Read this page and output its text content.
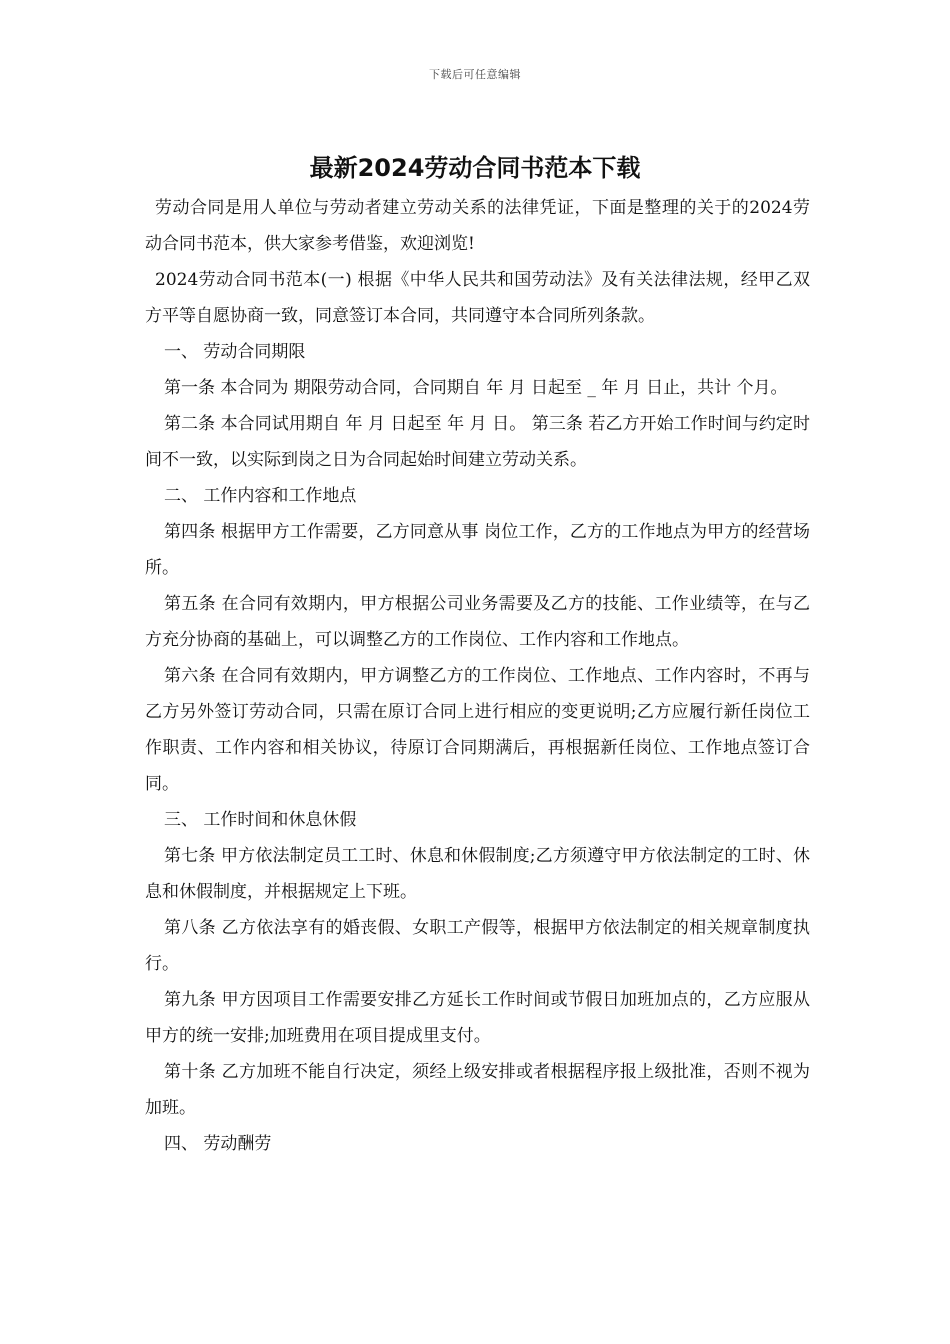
下载后可任意编辑
最新2024劳动合同书范本下载

劳动合同是用人单位与劳动者建立劳动关系的法律凭证，下面是整理的关于的2024劳动合同书范本，供大家参考借鉴，欢迎浏览!

2024劳动合同书范本(一) 根据《中华人民共和国劳动法》及有关法律法规，经甲乙双方平等自愿协商一致，同意签订本合同，共同遵守本合同所列条款。

一、 劳动合同期限

第一条 本合同为 期限劳动合同，合同期自 年 月 日起至 _ 年 月 日止，共计 个月。

第二条 本合同试用期自 年 月 日起至 年 月 日。 第三条 若乙方开始工作时间与约定时间不一致，以实际到岗之日为合同起始时间建立劳动关系。

二、 工作内容和工作地点

第四条 根据甲方工作需要，乙方同意从事 岗位工作，乙方的工作地点为甲方的经营场所。

第五条 在合同有效期内，甲方根据公司业务需要及乙方的技能、工作业绩等，在与乙方充分协商的基础上，可以调整乙方的工作岗位、工作内容和工作地点。

第六条 在合同有效期内，甲方调整乙方的工作岗位、工作地点、工作内容时，不再与乙方另外签订劳动合同，只需在原订合同上进行相应的变更说明;乙方应履行新任岗位工作职责、工作内容和相关协议，待原订合同期满后，再根据新任岗位、工作地点签订合同。

三、 工作时间和休息休假

第七条 甲方依法制定员工工时、休息和休假制度;乙方须遵守甲方依法制定的工时、休息和休假制度，并根据规定上下班。

第八条 乙方依法享有的婚丧假、女职工产假等，根据甲方依法制定的相关规章制度执行。

第九条 甲方因项目工作需要安排乙方延长工作时间或节假日加班加点的，乙方应服从甲方的统一安排;加班费用在项目提成里支付。

第十条 乙方加班不能自行决定，须经上级安排或者根据程序报上级批准，否则不视为加班。

四、 劳动酬劳
